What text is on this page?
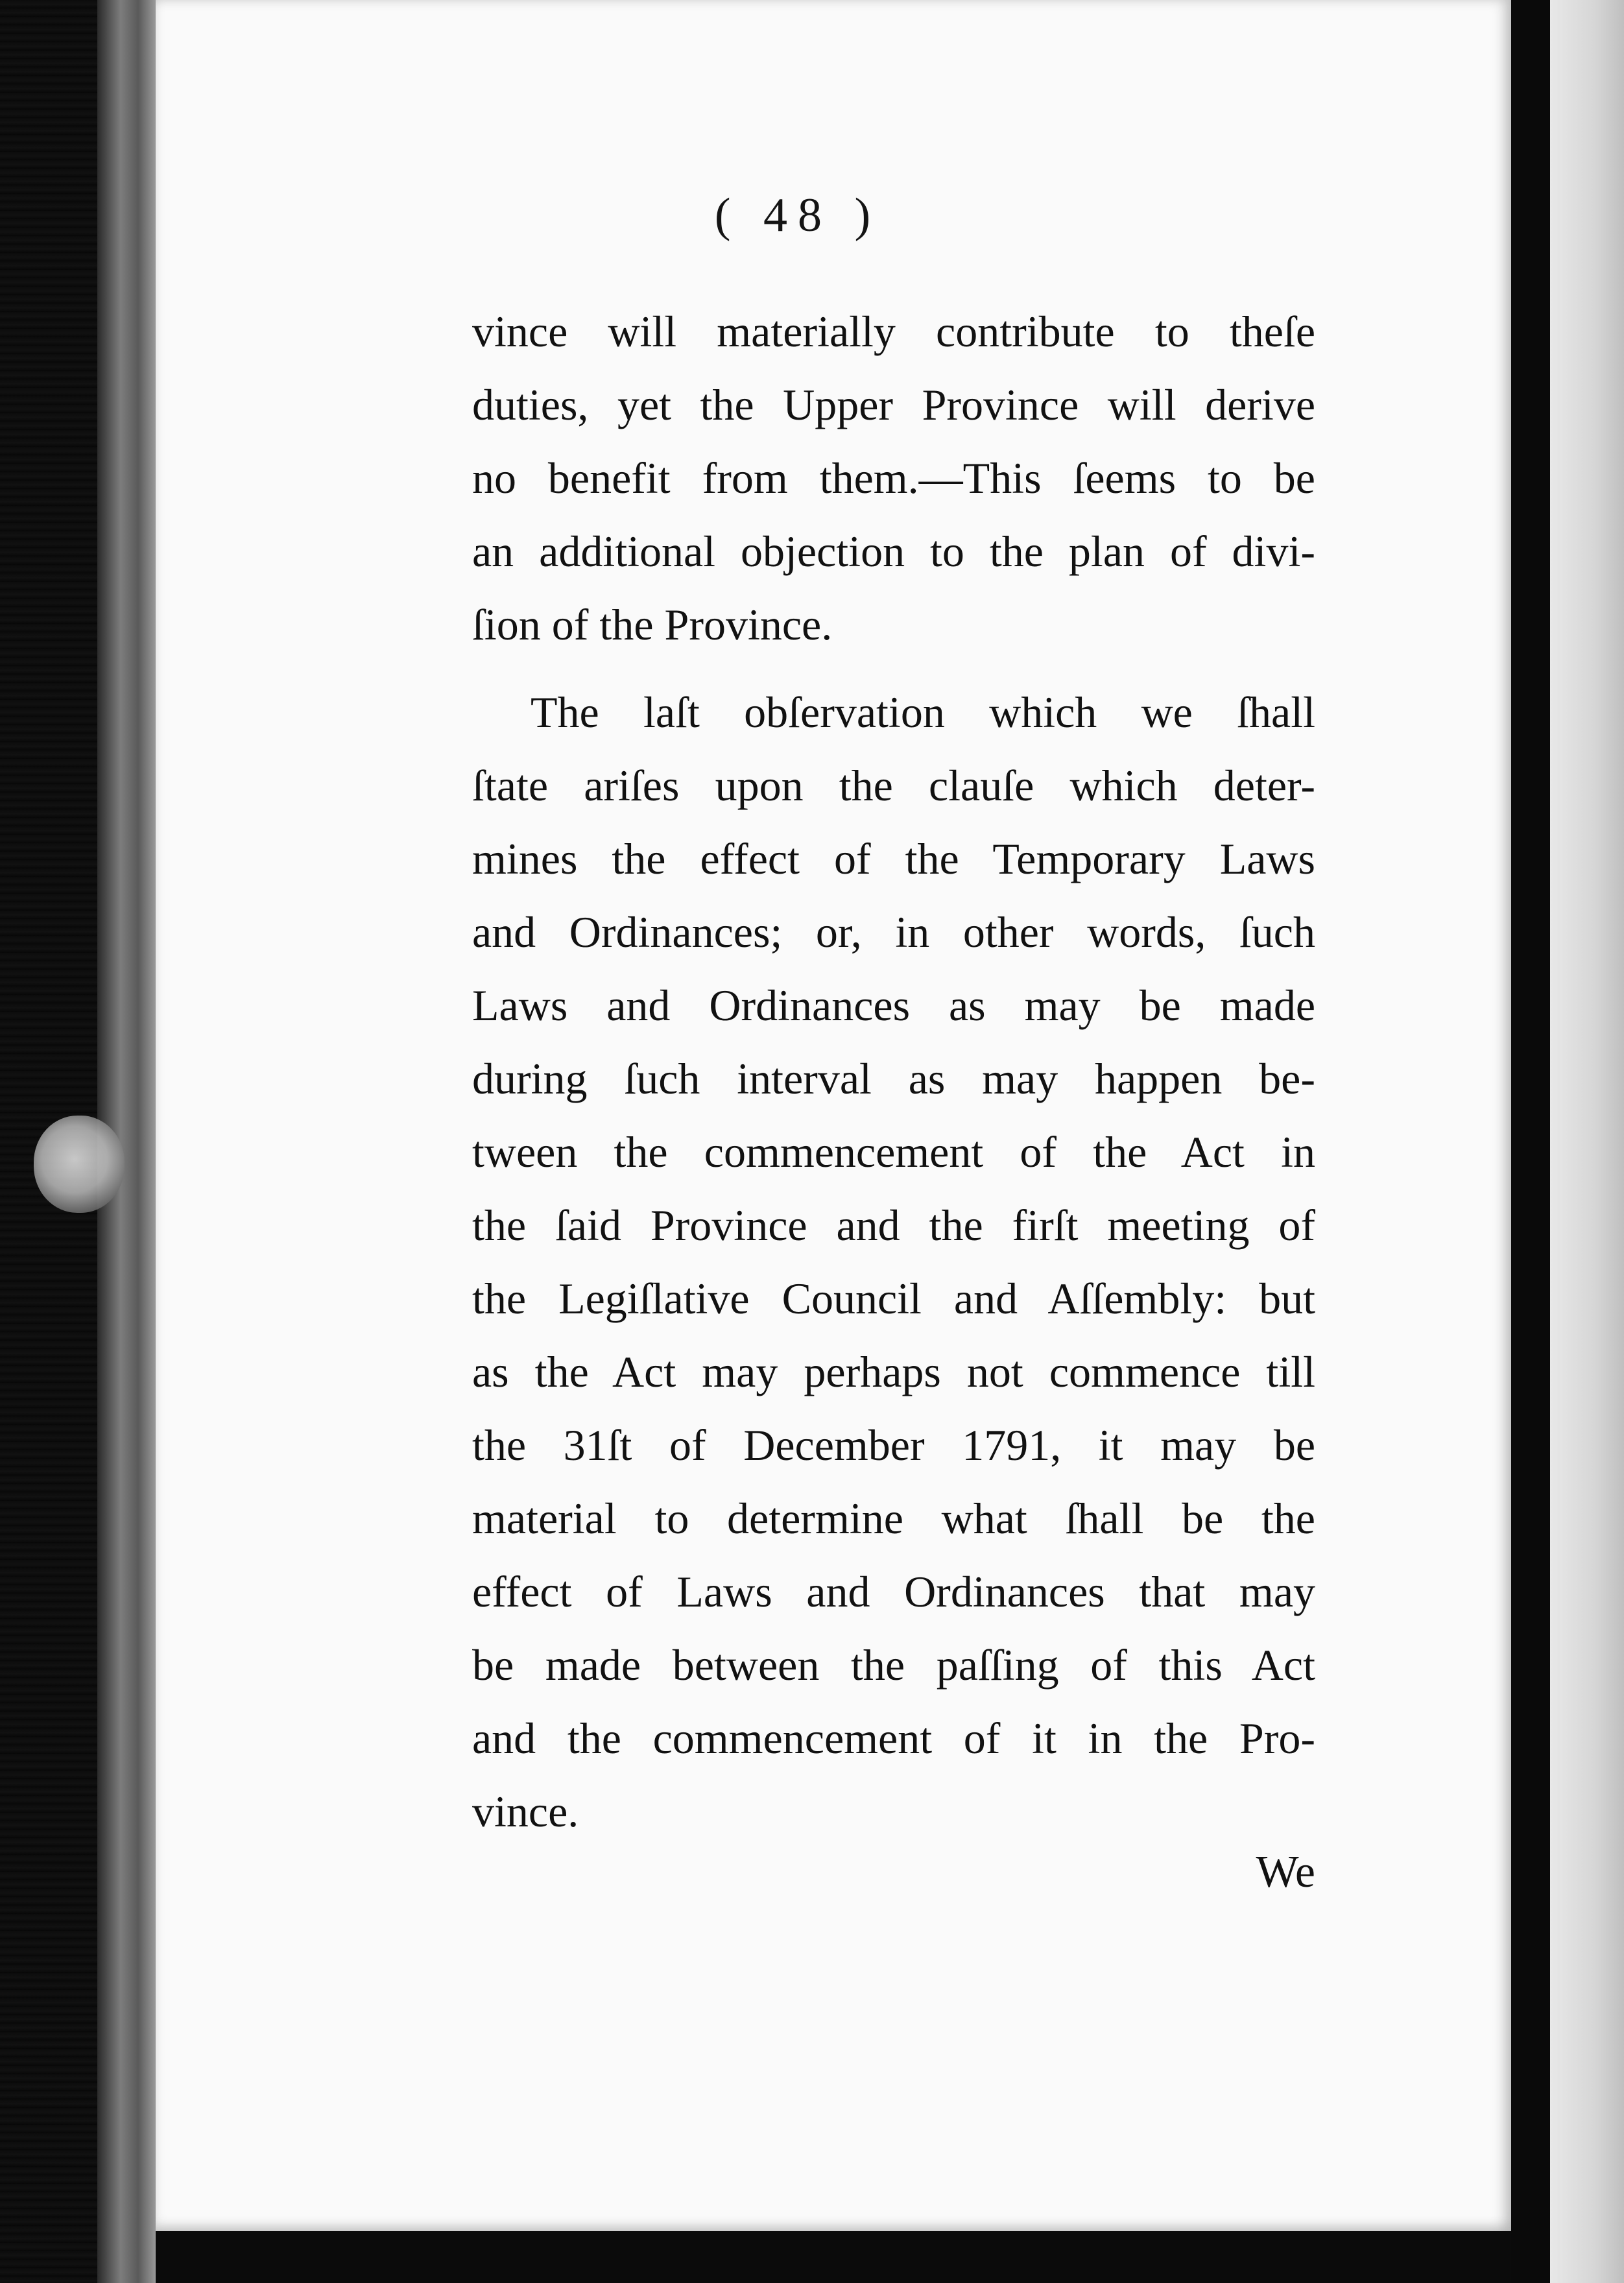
( 48 )
vince will materially contribute to theſe
duties, yet the Upper Province will derive
no benefit from them.—This ſeems to be
an additional objection to the plan of divi-
ſion of the Province.
The laſt obſervation which we ſhall
ſtate ariſes upon the clauſe which deter-
mines the effect of the Temporary Laws
and Ordinances; or, in other words, ſuch
Laws and Ordinances as may be made
during ſuch interval as may happen be-
tween the commencement of the Act in
the ſaid Province and the firſt meeting of
the Legiſlative Council and Aſſembly: but
as the Act may perhaps not commence till
the 31ſt of December 1791, it may be
material to determine what ſhall be the
effect of Laws and Ordinances that may
be made between the paſſing of this Act
and the commencement of it in the Pro-
vince.
We
